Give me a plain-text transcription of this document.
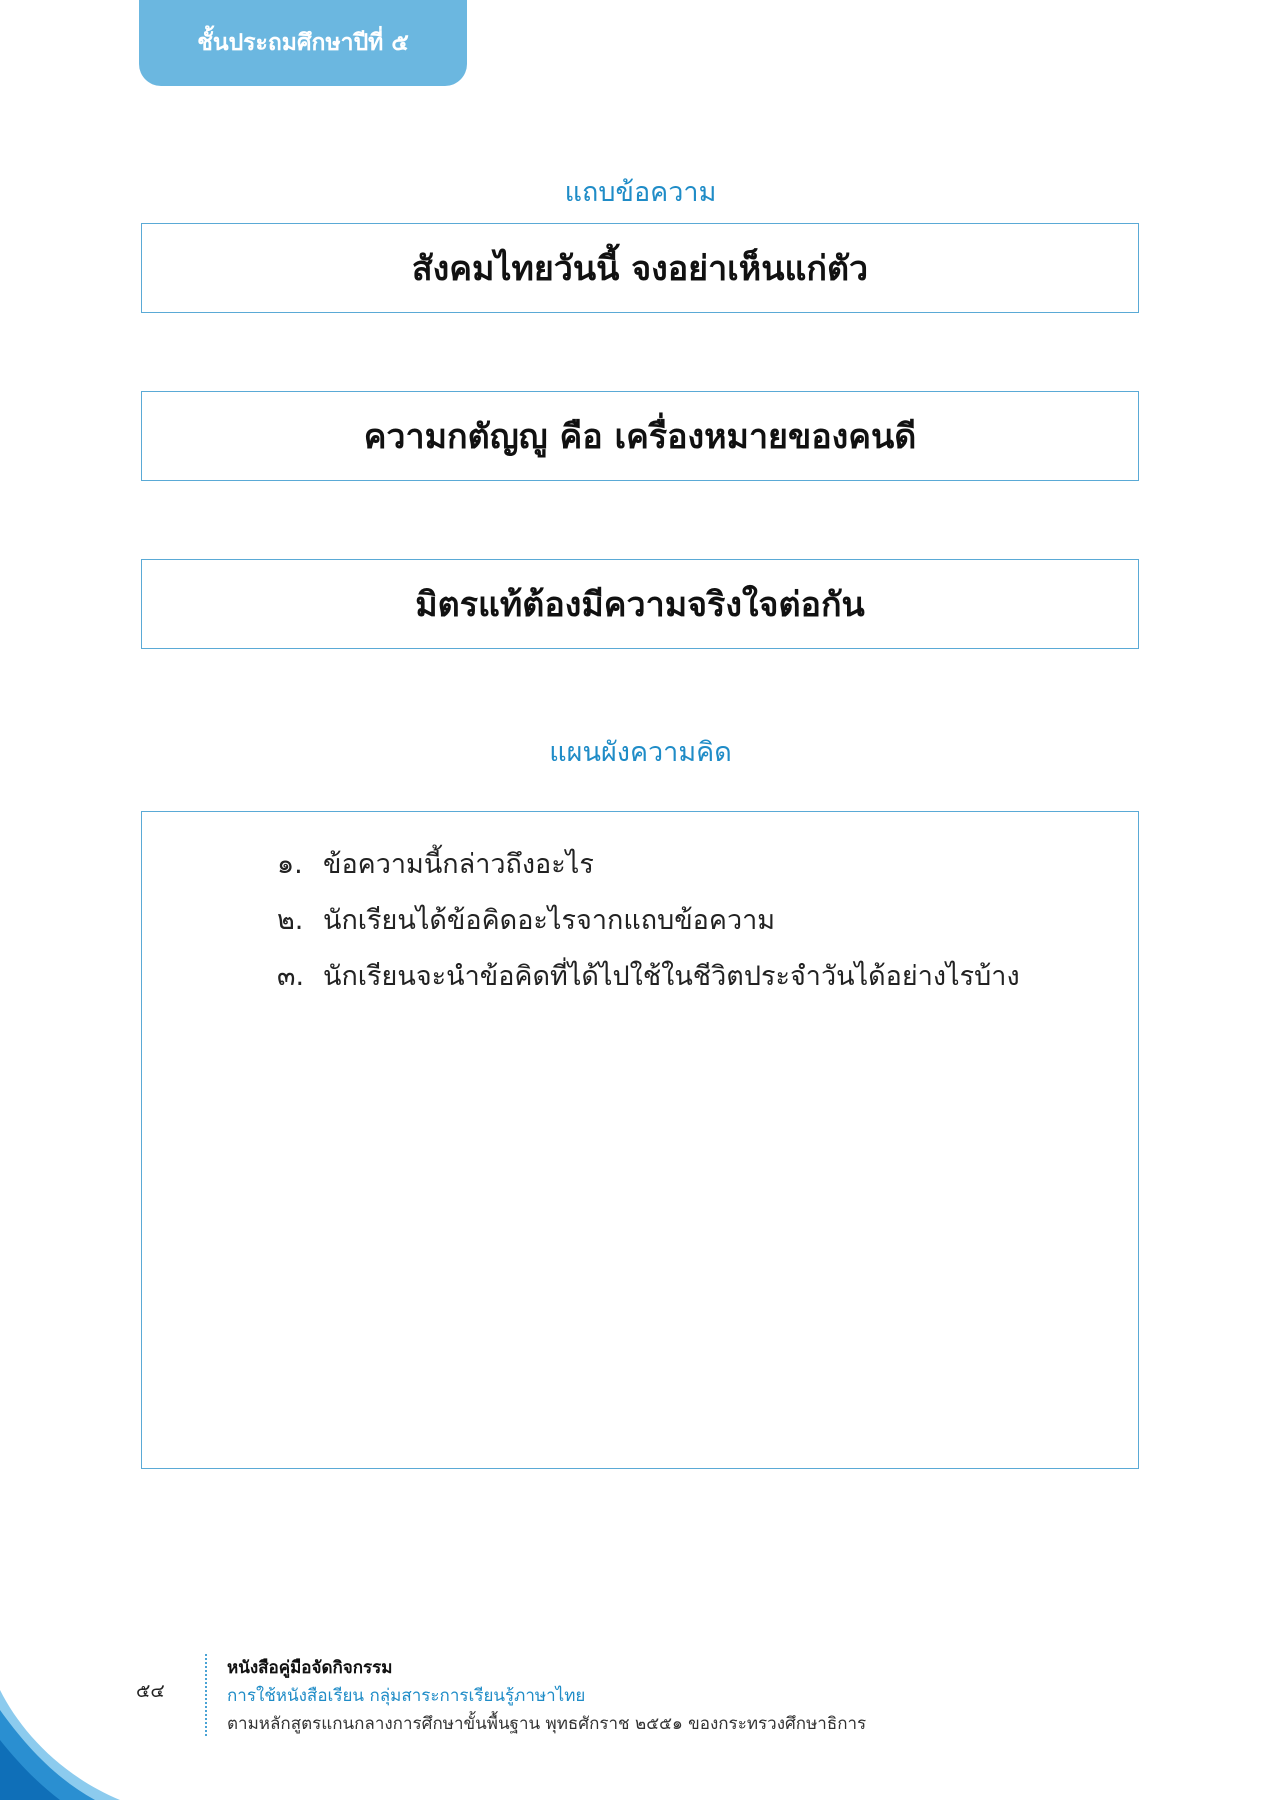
ชั้นประถมศึกษาปีที่ ๕
แถบข้อความ
สังคมไทยวันนี้ จงอย่าเห็นแก่ตัว
ความกตัญญู คือ เครื่องหมายของคนดี
มิตรแท้ต้องมีความจริงใจต่อกัน
แผนผังความคิด
๑. ข้อความนี้กล่าวถึงอะไร
๒. นักเรียนได้ข้อคิดอะไรจากแถบข้อความ
๓. นักเรียนจะนำข้อคิดที่ได้ไปใช้ในชีวิตประจำวันได้อย่างไรบ้าง
๕๔
หนังสือคู่มือจัดกิจกรรม
การใช้หนังสือเรียน กลุ่มสาระการเรียนรู้ภาษาไทย
ตามหลักสูตรแกนกลางการศึกษาขั้นพื้นฐาน พุทธศักราช ๒๕๕๑ ของกระทรวงศึกษาธิการ
